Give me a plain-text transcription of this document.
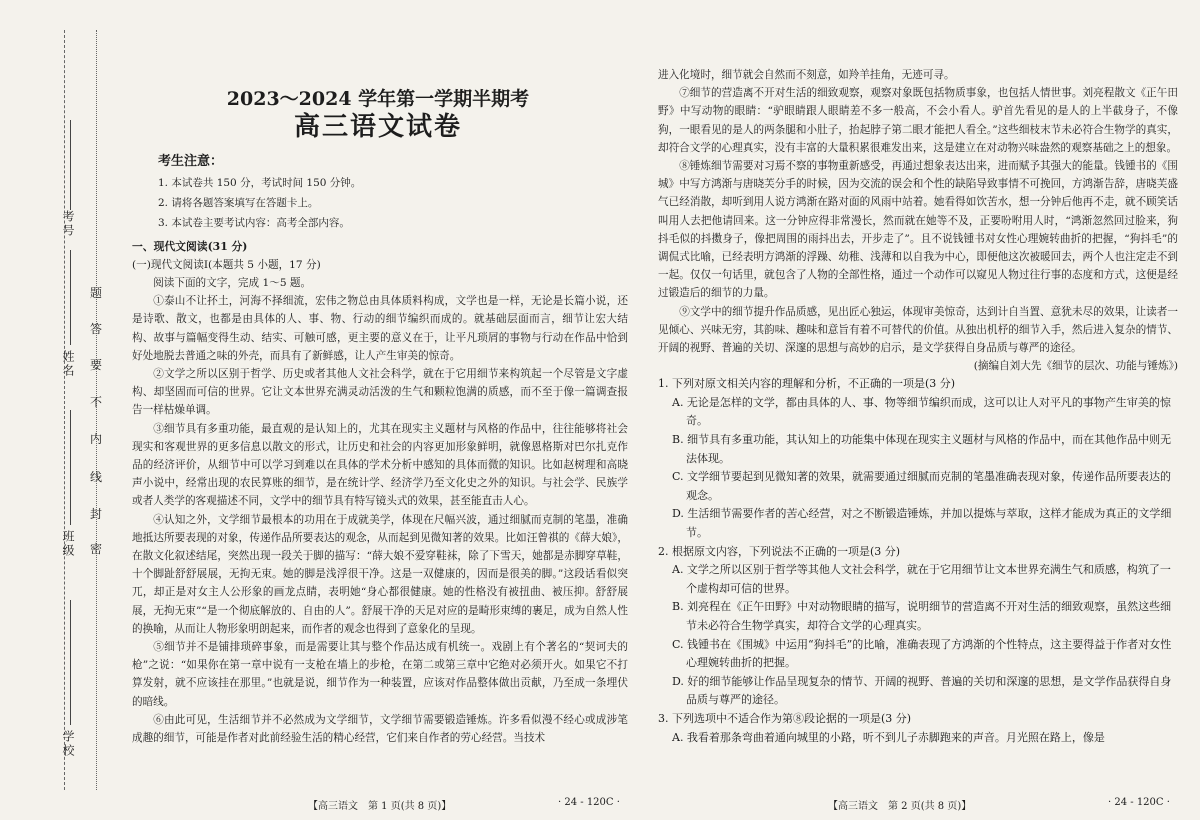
考号
姓名
班级
学校
密
封
线
内
不
要
答
题
2023～2024 学年第一学期半期考
高三语文试卷
考生注意：
1. 本试卷共 150 分，考试时间 150 分钟。
2. 请将各题答案填写在答题卡上。
3. 本试卷主要考试内容：高考全部内容。
一、现代文阅读(31 分)
(一)现代文阅读Ⅰ(本题共 5 小题，17 分)

阅读下面的文字，完成 1～5 题。

①泰山不让抔土，河海不择细流，宏伟之物总由具体质料构成，文学也是一样，无论是长篇小说，还是诗歌、散文，也都是由具体的人、事、物、行动的细节编织而成的。就基础层面而言，细节让宏大结构、故事与篇幅变得生动、结实、可触可感，更主要的意义在于，让平凡琐屑的事物与行动在作品中恰到好处地脱去普通之味的外壳，而具有了新鲜感，让人产生审美的惊奇。

②文学之所以区别于哲学、历史或者其他人文社会科学，就在于它用细节来构筑起一个尽管是文字虚构、却坚固而可信的世界。它让文本世界充满灵动活泼的生气和颗粒饱满的质感，而不至于像一篇调查报告一样枯燥单调。

③细节具有多重功能，最直观的是认知上的，尤其在现实主义题材与风格的作品中，往往能够将社会现实和客观世界的更多信息以散文的形式，让历史和社会的内容更加形象鲜明，就像恩格斯对巴尔扎克作品的经济评价，从细节中可以学习到难以在具体的学术分析中感知的具体而微的知识。比如赵树理和高晓声小说中，经常出现的农民算账的细节，是在统计学、经济学乃至文化史之外的知识。与社会学、民族学或者人类学的客观描述不同，文学中的细节具有特写镜头式的效果，甚至能直击人心。

④认知之外，文学细节最根本的功用在于成就美学，体现在尺幅兴波，通过细腻而克制的笔墨，准确地抵达所要表现的对象，传递作品所要表达的观念，从而起到见微知著的效果。比如汪曾祺的《薛大娘》，在散文化叙述结尾，突然出现一段关于脚的描写：“薛大娘不爱穿鞋袜，除了下雪天，她都是赤脚穿草鞋，十个脚趾舒舒展展，无拘无束。她的脚是浅浮很干净。这是一双健康的，因而是很美的脚。”这段话看似突兀，却正是对女主人公形象的画龙点睛，表明她“身心都很健康。她的性格没有被扭曲、被压抑。舒舒展展，无拘无束”“是一个彻底解放的、自由的人”。舒展干净的天足对应的是畸形束缚的裹足，成为自然人性的换喻，从而让人物形象明朗起来，而作者的观念也得到了意象化的呈现。

⑤细节并不是铺排琐碎事象，而是需要让其与整个作品达成有机统一。戏剧上有个著名的“契诃夫的枪”之说：“如果你在第一章中说有一支枪在墙上的步枪，在第二或第三章中它绝对必须开火。如果它不打算发射，就不应该挂在那里。”也就是说，细节作为一种装置，应该对作品整体做出贡献，乃至成一条埋伏的暗线。

⑥由此可见，生活细节并不必然成为文学细节，文学细节需要锻造锤炼。许多看似漫不经心或成涉笔成趣的细节，可能是作者对此前经验生活的精心经营，它们来自作者的劳心经营。当技术

【高三语文　第 1 页(共 8 页)】	· 24 - 120C ·

进入化境时，细节就会自然而不刻意，如羚羊挂角，无迹可寻。

⑦细节的营造离不开对生活的细致观察，观察对象既包括物质事象，也包括人情世事。刘亮程散文《正午田野》中写动物的眼睛：“驴眼睛跟人眼睛差不多一般高，不会小看人。驴首先看见的是人的上半截身子，不像狗，一眼看见的是人的两条腿和小肚子，抬起脖子第二眼才能把人看全。”这些细枝末节未必符合生物学的真实，却符合文学的心理真实，没有丰富的大量积累很难发出来，这是建立在对动物兴味盎然的观察基础之上的想象。

⑧锤炼细节需要对习焉不察的事物重新感受，再通过想象表达出来，进而赋予其强大的能量。钱锺书的《围城》中写方鸿渐与唐晓芙分手的时候，因为交流的误会和个性的缺陷导致事情不可挽回，方鸿渐告辞，唐晓芙盛气已经消散，却听到用人说方鸿渐在路对面的风雨中站着。她看得如饮苦水，想一分钟后他再不走，就不顾笑话叫用人去把他请回来。这一分钟应得非常漫长，然而就在她等不及，正要吩咐用人时，“鸿渐忽然回过脸来，狗抖毛似的抖擞身子，像把周围的雨抖出去，开步走了”。且不说钱锺书对女性心理婉转曲折的把握，“狗抖毛”的调侃式比喻，已经表明方鸿渐的浮躁、幼稚、浅薄和以自我为中心，即便他这次被暖回去，两个人也注定走不到一起。仅仅一句话里，就包含了人物的全部性格，通过一个动作可以窥见人物过往行事的态度和方式，这便是经过锻造后的细节的力量。

⑨文学中的细节提升作品质感，见出匠心独运，体现审美惊奇，达到计自当置、意犹未尽的效果，让读者一见倾心、兴味无穷，其韵味、趣味和意旨有着不可替代的价值。从独出机杼的细节入手，然后进入复杂的情节、开阔的视野、普遍的关切、深邃的思想与高妙的启示，是文学获得自身品质与尊严的途径。

(摘编自刘大先《细节的层次、功能与锤炼》)
1. 下列对原文相关内容的理解和分析，不正确的一项是(3 分)
A. 无论是怎样的文学，都由具体的人、事、物等细节编织而成，这可以让人对平凡的事物产生审美的惊奇。
B. 细节具有多重功能，其认知上的功能集中体现在现实主义题材与风格的作品中，而在其他作品中则无法体现。
C. 文学细节要起到见微知著的效果，就需要通过细腻而克制的笔墨准确表现对象，传递作品所要表达的观念。
D. 生活细节需要作者的苦心经营，对之不断锻造锤炼，并加以提炼与萃取，这样才能成为真正的文学细节。
2. 根据原文内容，下列说法不正确的一项是(3 分)
A. 文学之所以区别于哲学等其他人文社会科学，就在于它用细节让文本世界充满生气和质感，构筑了一个虚构却可信的世界。
B. 刘亮程在《正午田野》中对动物眼睛的描写，说明细节的营造离不开对生活的细致观察，虽然这些细节未必符合生物学真实，却符合文学的心理真实。
C. 钱锺书在《围城》中运用“狗抖毛”的比喻，准确表现了方鸿渐的个性特点，这主要得益于作者对女性心理婉转曲折的把握。
D. 好的细节能够让作品呈现复杂的情节、开阔的视野、普遍的关切和深邃的思想，是文学作品获得自身品质与尊严的途径。
3. 下列选项中不适合作为第⑧段论据的一项是(3 分)
A. 我看着那条弯曲着通向城里的小路，听不到儿子赤脚跑来的声音。月光照在路上，像是
【高三语文　第 2 页(共 8 页)】	· 24 - 120C ·
